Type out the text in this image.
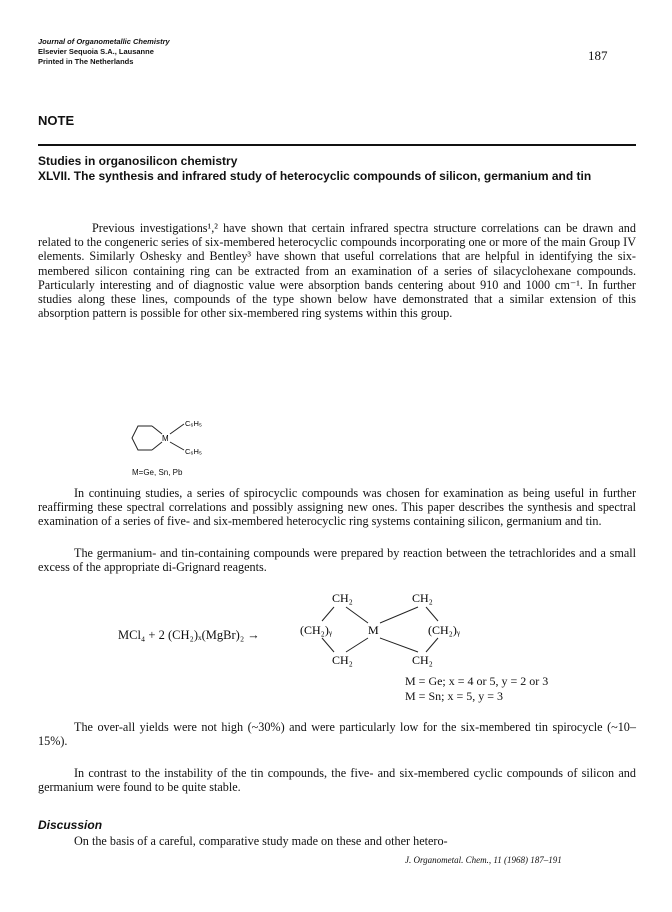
Journal of Organometallic Chemistry
Elsevier Sequoia S.A., Lausanne
Printed in The Netherlands	187
NOTE
Studies in organosilicon chemistry
XLVII. The synthesis and infrared study of heterocyclic compounds of silicon, germanium and tin
Previous investigations¹,² have shown that certain infrared spectra structure correlations can be drawn and related to the congeneric series of six-membered heterocyclic compounds incorporating one or more of the main Group IV elements. Similarly Oshesky and Bentley³ have shown that useful correlations that are helpful in identifying the six-membered silicon containing ring can be extracted from an examination of a series of silacyclohexane compounds. Particularly interesting and of diagnostic value were absorption bands centering about 910 and 1000 cm⁻¹. In further studies along these lines, compounds of the type shown below have demonstrated that a similar extension of this absorption pattern is possible for other six-membered ring systems within this group.
M
C₆H₅
C₆H₅
M=Ge, Sn, Pb
In continuing studies, a series of spirocyclic compounds was chosen for examination as being useful in further reaffirming these spectral correlations and possibly assigning new ones. This paper describes the synthesis and spectral examination of a series of five- and six-membered heterocyclic ring systems containing silicon, germanium and tin.
The germanium- and tin-containing compounds were prepared by reaction between the tetrachlorides and a small excess of the appropriate di-Grignard reagents.
MCl₄ + 2 (CH₂)ₓ(MgBr)₂ →
CH₂	CH₂
(CH₂)ᵧ	M	(CH₂)ᵧ
CH₂	CH₂
M = Ge; x = 4 or 5, y = 2 or 3
M = Sn; x = 5, y = 3
The over-all yields were not high (~30%) and were particularly low for the six-membered tin spirocycle (~10–15%).
In contrast to the instability of the tin compounds, the five- and six-membered cyclic compounds of silicon and germanium were found to be quite stable.
Discussion
On the basis of a careful, comparative study made on these and other hetero-
J. Organometal. Chem., 11 (1968) 187–191
